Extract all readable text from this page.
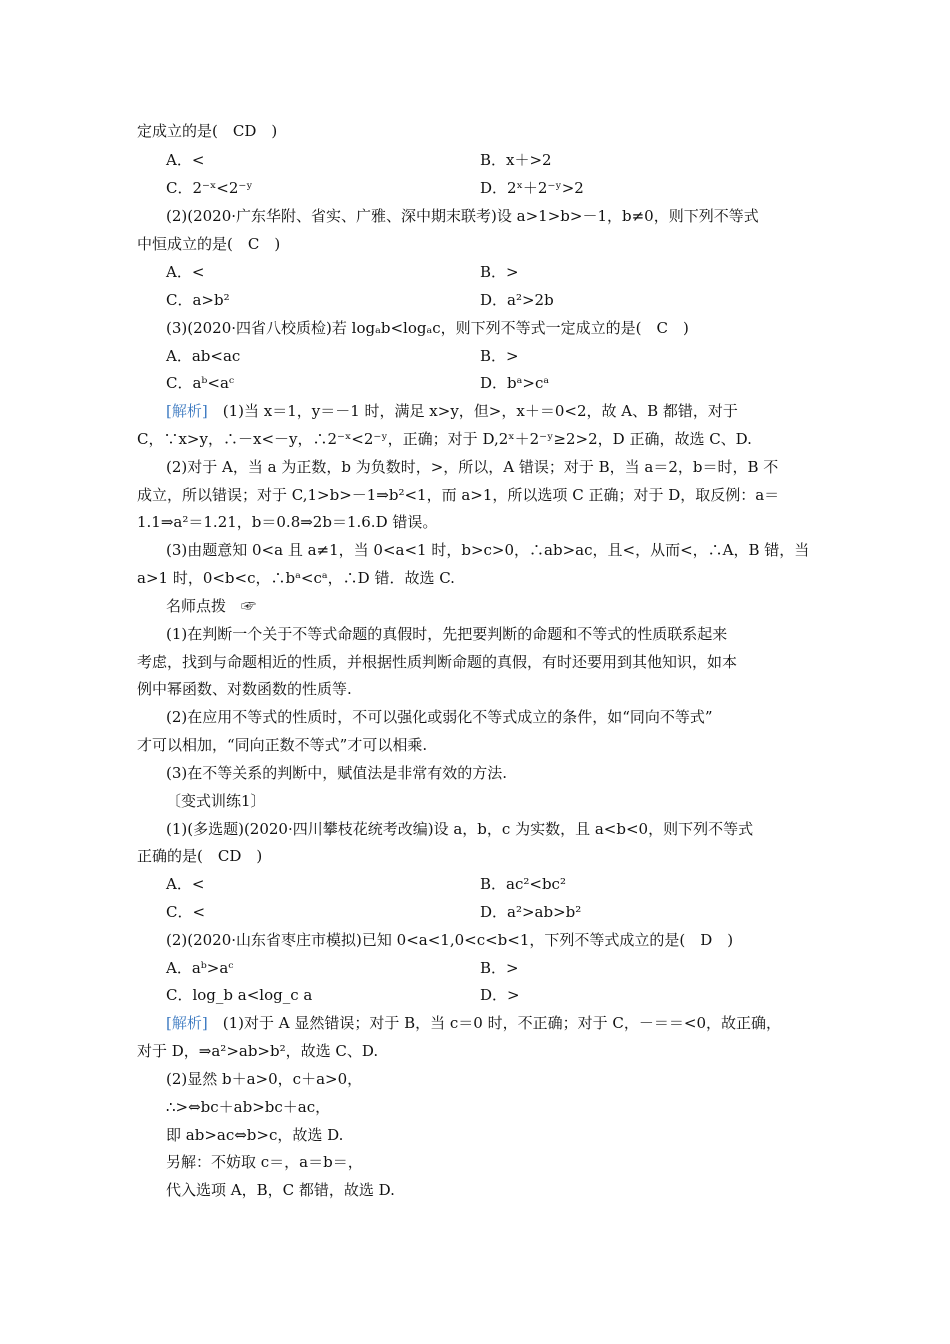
定成立的是(　CD　)
A．<	B．x＋>2
C．2⁻ˣ<2⁻ʸ	D．2ˣ＋2⁻ʸ>2
(2)(2020·广东华附、省实、广雅、深中期末联考)设 a>1>b>－1，b≠0，则下列不等式
中恒成立的是(　C　)
A．<	B．>
C．a>b²	D．a²>2b
(3)(2020·四省八校质检)若 logₐb<logₐc，则下列不等式一定成立的是(　C　)
A．ab<ac	B．>
C．aᵇ<aᶜ	D．bᵃ>cᵃ
[解析]　 (1)当 x＝1，y＝－1 时，满足 x>y，但>，x＋＝0<2，故 A、B 都错，对于
C，∵x>y，∴－x<－y，∴2⁻ˣ<2⁻ʸ，正确；对于 D,2ˣ＋2⁻ʸ≥2>2，D 正确，故选 C、D.
(2)对于 A，当 a 为正数，b 为负数时，>，所以，A 错误；对于 B，当 a＝2，b＝时，B 不
成立，所以错误；对于 C,1>b>－1⇒b²<1，而 a>1，所以选项 C 正确；对于 D，取反例：a＝
1.1⇒a²＝1.21，b＝0.8⇒2b＝1.6.D 错误。
(3)由题意知 0<a 且 a≠1，当 0<a<1 时，b>c>0，∴ab>ac，且<，从而<，∴A，B 错，当
a>1 时，0<b<c，∴bᵃ<cᵃ，∴D 错．故选 C.
名师点拨　☞
(1)在判断一个关于不等式命题的真假时，先把要判断的命题和不等式的性质联系起来
考虑，找到与命题相近的性质，并根据性质判断命题的真假，有时还要用到其他知识，如本
例中幂函数、对数函数的性质等.
(2)在应用不等式的性质时，不可以强化或弱化不等式成立的条件，如“同向不等式”
才可以相加，“同向正数不等式”才可以相乘.
(3)在不等关系的判断中，赋值法是非常有效的方法.
〔变式训练1〕
(1)(多选题)(2020·四川攀枝花统考改编)设 a，b，c 为实数，且 a<b<0，则下列不等式
正确的是(　CD　)
A．<	B．ac²<bc²
C．<	D．a²>ab>b²
(2)(2020·山东省枣庄市模拟)已知 0<a<1,0<c<b<1，下列不等式成立的是(　D　)
A．aᵇ>aᶜ	B．>
C．log_b a<log_c a	D．>
[解析]　 (1)对于 A 显然错误；对于 B，当 c＝0 时，不正确；对于 C，－＝＝<0，故正确，
对于 D，⇒a²>ab>b²，故选 C、D.
(2)显然 b＋a>0，c＋a>0，
∴>⇔bc＋ab>bc＋ac，
即 ab>ac⇔b>c，故选 D.
另解：不妨取 c＝，a＝b＝，
代入选项 A，B，C 都错，故选 D.
